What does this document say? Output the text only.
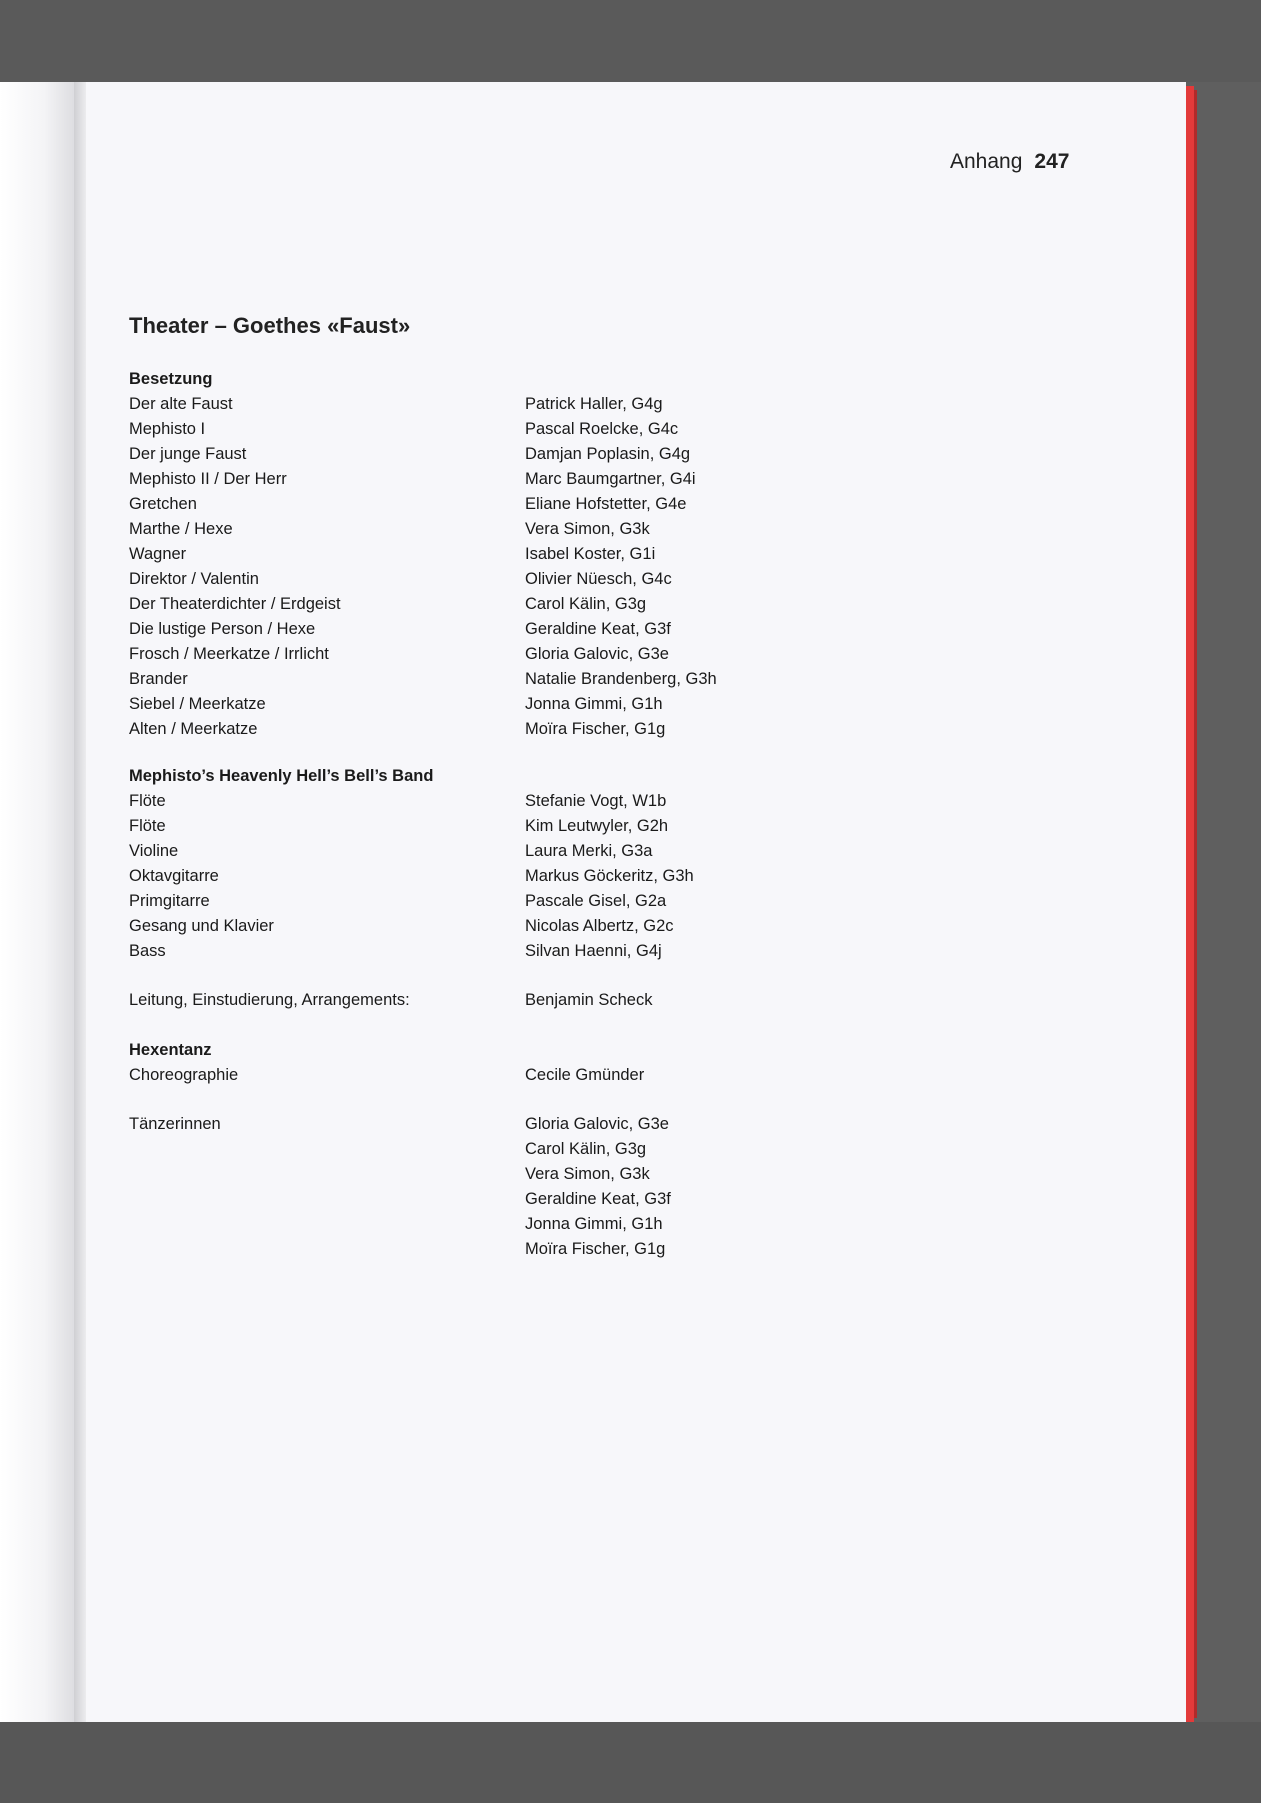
Anhang 247
Theater – Goethes «Faust»
Besetzung
Der alte Faust	Patrick Haller, G4g
Mephisto I	Pascal Roelcke, G4c
Der junge Faust	Damjan Poplasin, G4g
Mephisto II / Der Herr	Marc Baumgartner, G4i
Gretchen	Eliane Hofstetter, G4e
Marthe / Hexe	Vera Simon, G3k
Wagner	Isabel Koster, G1i
Direktor / Valentin	Olivier Nüesch, G4c
Der Theaterdichter / Erdgeist	Carol Kälin, G3g
Die lustige Person / Hexe	Geraldine Keat, G3f
Frosch / Meerkatze / Irrlicht	Gloria Galovic, G3e
Brander	Natalie Brandenberg, G3h
Siebel / Meerkatze	Jonna Gimmi, G1h
Alten / Meerkatze	Moïra Fischer, G1g
Mephisto’s Heavenly Hell’s Bell’s Band
Flöte	Stefanie Vogt, W1b
Flöte	Kim Leutwyler, G2h
Violine	Laura Merki, G3a
Oktavgitarre	Markus Göckeritz, G3h
Primgitarre	Pascale Gisel, G2a
Gesang und Klavier	Nicolas Albertz, G2c
Bass	Silvan Haenni, G4j
Leitung, Einstudierung, Arrangements:	Benjamin Scheck
Hexentanz
Choreographie	Cecile Gmünder
Tänzerinnen	Gloria Galovic, G3e
Carol Kälin, G3g
Vera Simon, G3k
Geraldine Keat, G3f
Jonna Gimmi, G1h
Moïra Fischer, G1g
